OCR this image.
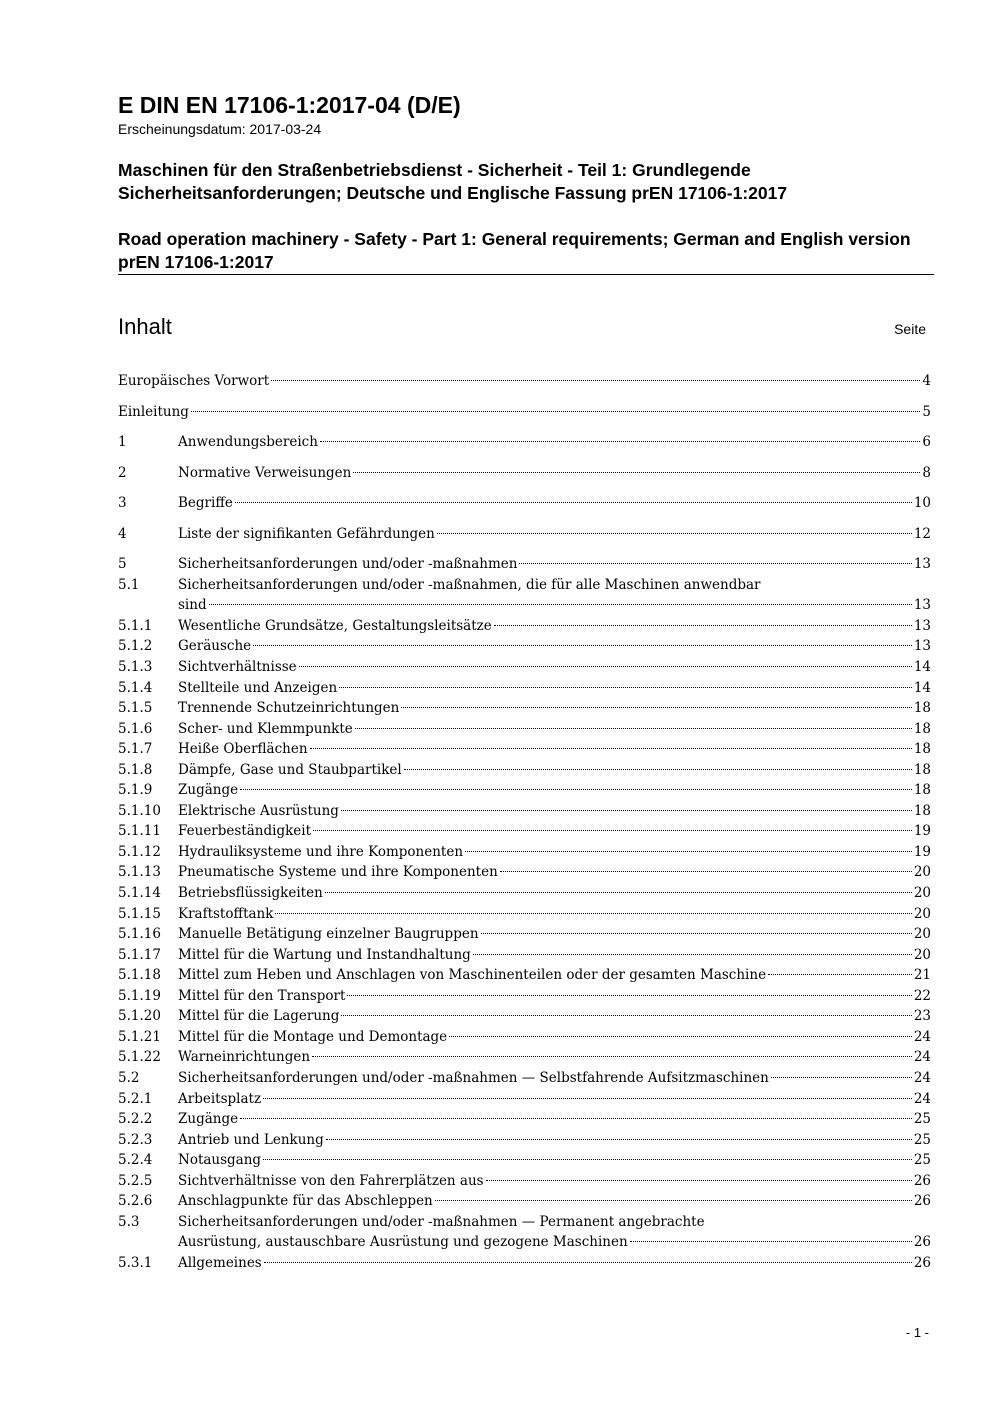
E DIN EN 17106-1:2017-04 (D/E)
Erscheinungsdatum: 2017-03-24
Maschinen für den Straßenbetriebsdienst - Sicherheit - Teil 1: Grundlegende Sicherheitsanforderungen; Deutsche und Englische Fassung prEN 17106-1:2017
Road operation machinery - Safety - Part 1: General requirements; German and English version prEN 17106-1:2017
Inhalt	Seite
Europäisches Vorwort	4
Einleitung	5
1	Anwendungsbereich	6
2	Normative Verweisungen	8
3	Begriffe	10
4	Liste der signifikanten Gefährdungen	12
5	Sicherheitsanforderungen und/oder -maßnahmen	13
5.1	Sicherheitsanforderungen und/oder -maßnahmen, die für alle Maschinen anwendbar
sind	13
5.1.1 Wesentliche Grundsätze, Gestaltungsleitsätze	13
5.1.2 Geräusche	13
5.1.3 Sichtverhältnisse	14
5.1.4 Stellteile und Anzeigen	14
5.1.5 Trennende Schutzeinrichtungen	18
5.1.6 Scher- und Klemmpunkte	18
5.1.7 Heiße Oberflächen	18
5.1.8 Dämpfe, Gase und Staubpartikel	18
5.1.9 Zugänge	18
5.1.10 Elektrische Ausrüstung	18
5.1.11 Feuerbeständigkeit	19
5.1.12 Hydrauliksysteme und ihre Komponenten	19
5.1.13 Pneumatische Systeme und ihre Komponenten	20
5.1.14 Betriebsflüssigkeiten	20
5.1.15 Kraftstofftank	20
5.1.16 Manuelle Betätigung einzelner Baugruppen	20
5.1.17 Mittel für die Wartung und Instandhaltung	20
5.1.18 Mittel zum Heben und Anschlagen von Maschinenteilen oder der gesamten Maschine	21
5.1.19 Mittel für den Transport	22
5.1.20 Mittel für die Lagerung	23
5.1.21 Mittel für die Montage und Demontage	24
5.1.22 Warneinrichtungen	24
5.2	Sicherheitsanforderungen und/oder -maßnahmen — Selbstfahrende Aufsitzmaschinen	24
5.2.1 Arbeitsplatz	24
5.2.2 Zugänge	25
5.2.3 Antrieb und Lenkung	25
5.2.4 Notausgang	25
5.2.5 Sichtverhältnisse von den Fahrerplätzen aus	26
5.2.6 Anschlagpunkte für das Abschleppen	26
5.3	Sicherheitsanforderungen und/oder -maßnahmen — Permanent angebrachte
Ausrüstung, austauschbare Ausrüstung und gezogene Maschinen	26
5.3.1 Allgemeines	26
- 1 -
